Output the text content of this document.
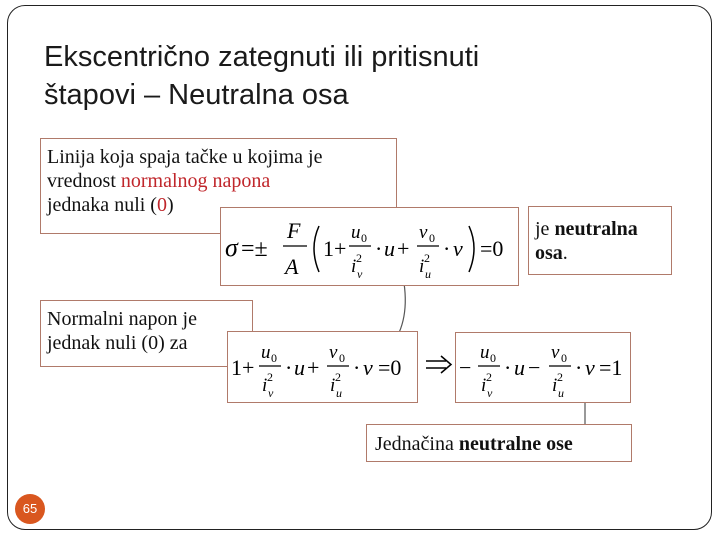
Ekscentrično zategnuti ili pritisnuti
štapovi – Neutralna osa
Linija koja spaja tačke u kojima je
vrednost normalnog napona
jednaka nuli (0)
σ =±
F
A
1+
u 0
i 2
v
· u +
v 0
i 2
u
· v =0
je neutralna osa.
Normalni napon je
jednak nuli (0) za
1+
u 0
i 2
v
· u +
v 0
i 2
u
· v =0	−
u 0
i 2
v
· u −
v 0
i 2
u
· v =1
Jednačina neutralne ose
65
